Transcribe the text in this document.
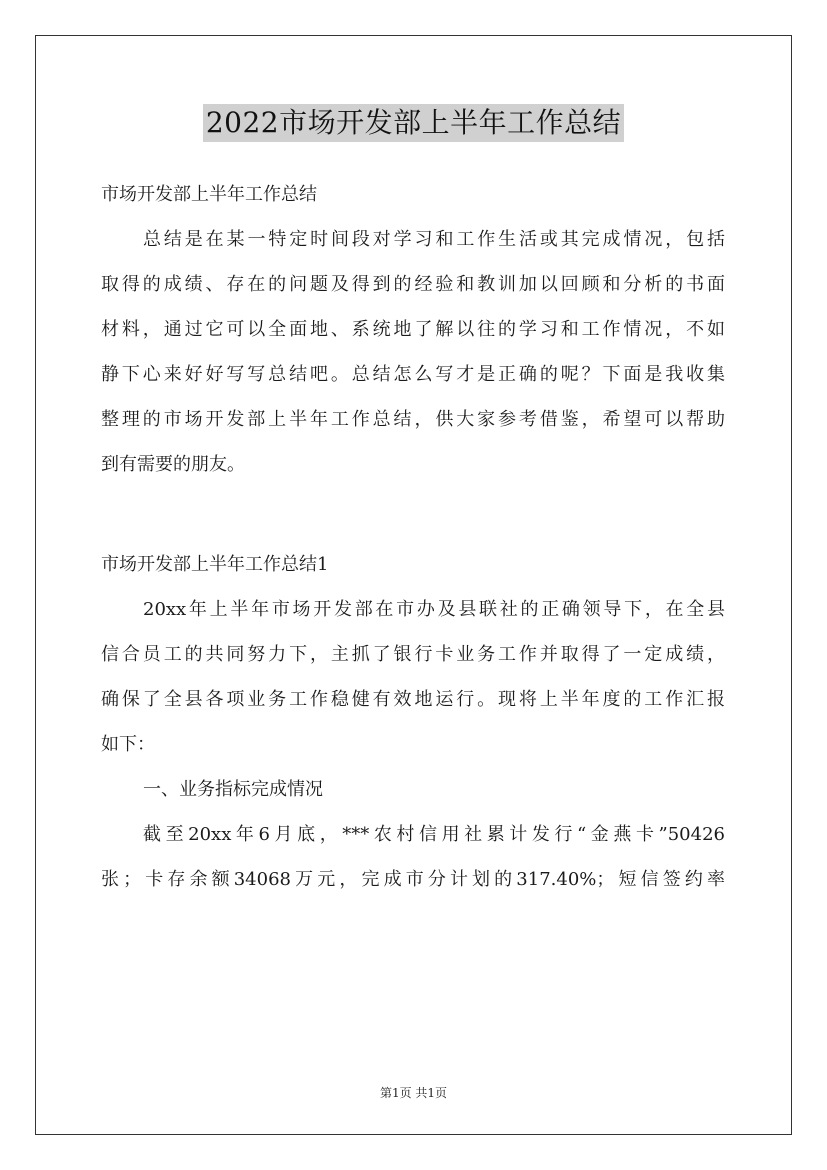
2022市场开发部上半年工作总结
市场开发部上半年工作总结
总结是在某一特定时间段对学习和工作生活或其完成情况，包括
取得的成绩、存在的问题及得到的经验和教训加以回顾和分析的书面
材料，通过它可以全面地、系统地了解以往的学习和工作情况，不如
静下心来好好写写总结吧。总结怎么写才是正确的呢？下面是我收集
整理的市场开发部上半年工作总结，供大家参考借鉴，希望可以帮助
到有需要的朋友。
市场开发部上半年工作总结1
20xx年上半年市场开发部在市办及县联社的正确领导下，在全县
信合员工的共同努力下，主抓了银行卡业务工作并取得了一定成绩，
确保了全县各项业务工作稳健有效地运行。现将上半年度的工作汇报
如下：
一、业务指标完成情况
截至20xx年6月底，***农村信用社累计发行“金燕卡”50426
张；卡存余额34068万元，完成市分计划的317.40%；短信签约率
第1页 共1页
